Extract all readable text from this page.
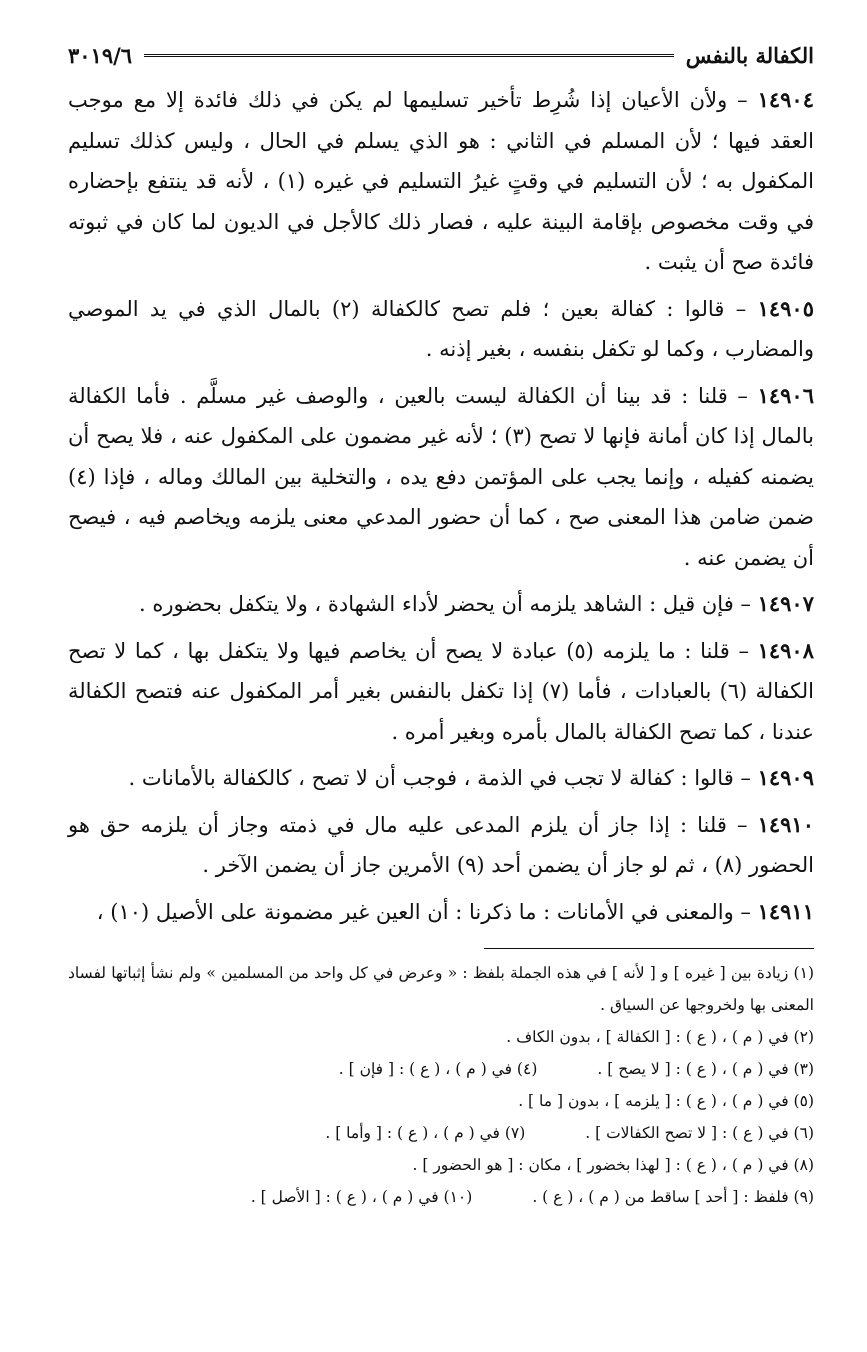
الكفالة بالنفس
٣٠١٩/٦

١٤٩٠٤ – ولأن الأعيان إذا شُرِط تأخير تسليمها لم يكن في ذلك فائدة إلا مع موجب العقد فيها ؛ لأن المسلم في الثاني : هو الذي يسلم في الحال ، وليس كذلك تسليم المكفول به ؛ لأن التسليم في وقتٍ غيرُ التسليم في غيره (١) ، لأنه قد ينتفع بإحضاره في وقت مخصوص بإقامة البينة عليه ، فصار ذلك كالأجل في الديون لما كان في ثبوته فائدة صح أن يثبت .

١٤٩٠٥ – قالوا : كفالة بعين ؛ فلم تصح كالكفالة (٢) بالمال الذي في يد الموصي والمضارب ، وكما لو تكفل بنفسه ، بغير إذنه .

١٤٩٠٦ – قلنا : قد بينا أن الكفالة ليست بالعين ، والوصف غير مسلَّم . فأما الكفالة بالمال إذا كان أمانة فإنها لا تصح (٣) ؛ لأنه غير مضمون على المكفول عنه ، فلا يصح أن يضمنه كفيله ، وإنما يجب على المؤتمن دفع يده ، والتخلية بين المالك وماله ، فإذا (٤) ضمن ضامن هذا المعنى صح ، كما أن حضور المدعي معنى يلزمه ويخاصم فيه ، فيصح أن يضمن عنه .

١٤٩٠٧ – فإن قيل : الشاهد يلزمه أن يحضر لأداء الشهادة ، ولا يتكفل بحضوره .

١٤٩٠٨ – قلنا : ما يلزمه (٥) عبادة لا يصح أن يخاصم فيها ولا يتكفل بها ، كما لا تصح الكفالة (٦) بالعبادات ، فأما (٧) إذا تكفل بالنفس بغير أمر المكفول عنه فتصح الكفالة عندنا ، كما تصح الكفالة بالمال بأمره وبغير أمره .

١٤٩٠٩ – قالوا : كفالة لا تجب في الذمة ، فوجب أن لا تصح ، كالكفالة بالأمانات .

١٤٩١٠ – قلنا : إذا جاز أن يلزم المدعى عليه مال في ذمته وجاز أن يلزمه حق هو الحضور (٨) ، ثم لو جاز أن يضمن أحد (٩) الأمرين جاز أن يضمن الآخر .

١٤٩١١ – والمعنى في الأمانات : ما ذكرنا : أن العين غير مضمونة على الأصيل (١٠) ،

(١) زيادة بين [ غيره ] و [ لأنه ] في هذه الجملة بلفظ : « وعرض في كل واحد من المسلمين » ولم نشأ إثباتها لفساد المعنى بها ولخروجها عن السياق .

(٢) في ( م ) ، ( ع ) : [ الكفالة ] ، بدون الكاف .

(٣) في ( م ) ، ( ع ) : [ لا يصح ] .

(٤) في ( م ) ، ( ع ) : [ فإن ] .

(٥) في ( م ) ، ( ع ) : [ يلزمه ] ، بدون [ ما ] .

(٦) في ( ع ) : [ لا تصح الكفالات ] .

(٧) في ( م ) ، ( ع ) : [ وأما ] .

(٨) في ( م ) ، ( ع ) : [ لهذا بخضور ] ، مكان : [ هو الحضور ] .

(٩) فلفظ : [ أحد ] ساقط من ( م ) ، ( ع ) .

(١٠) في ( م ) ، ( ع ) : [ الأصل ] .
